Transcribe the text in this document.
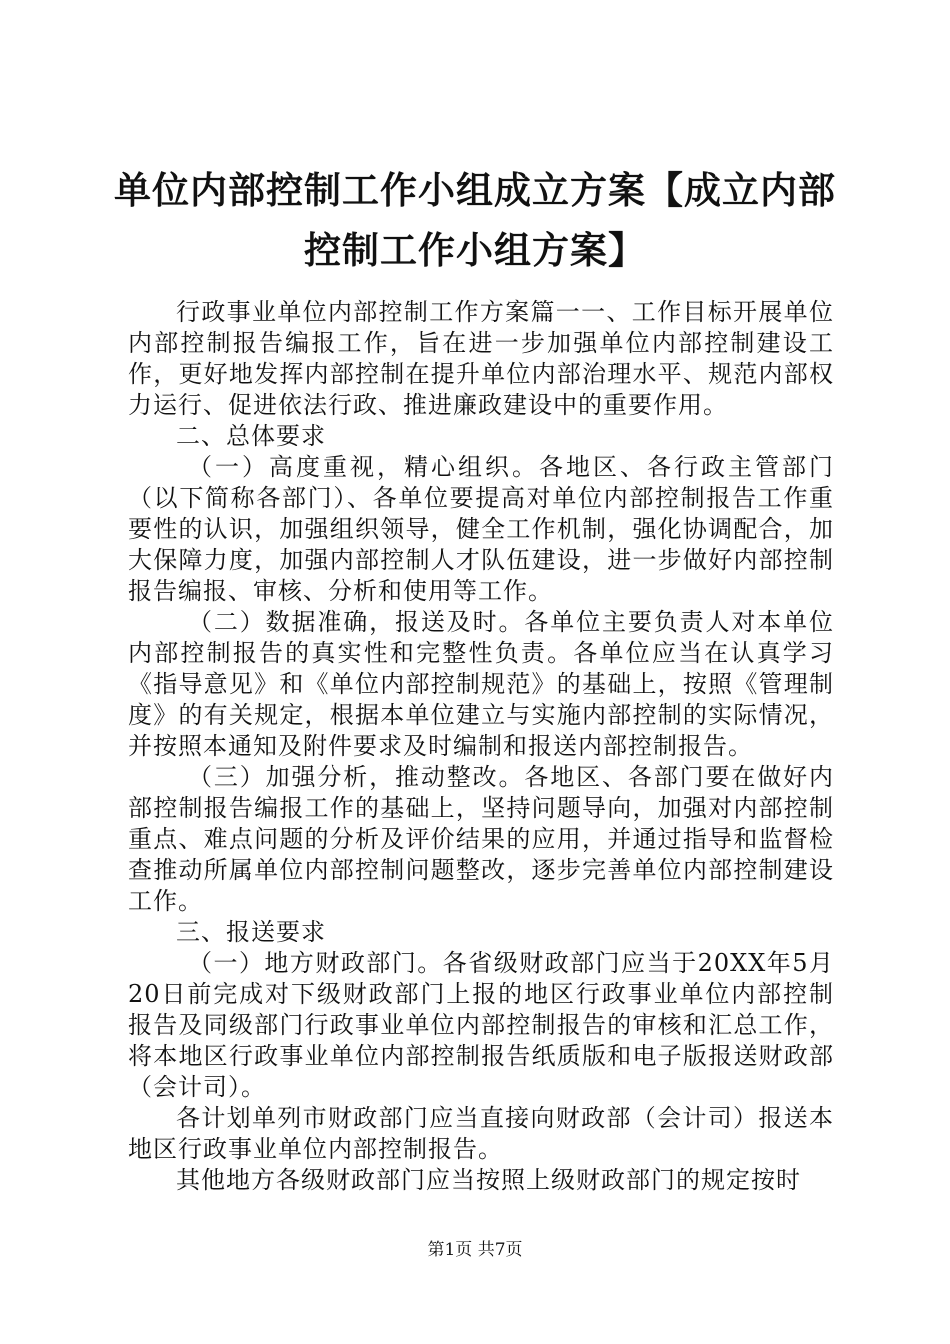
单位内部控制工作小组成立方案【成立内部控制工作小组方案】

行政事业单位内部控制工作方案篇一一、工作目标开展单位内部控制报告编报工作，旨在进一步加强单位内部控制建设工作，更好地发挥内部控制在提升单位内部治理水平、规范内部权力运行、促进依法行政、推进廉政建设中的重要作用。

二、总体要求

（一）高度重视，精心组织。各地区、各行政主管部门（以下简称各部门）、各单位要提高对单位内部控制报告工作重要性的认识，加强组织领导，健全工作机制，强化协调配合，加大保障力度，加强内部控制人才队伍建设，进一步做好内部控制报告编报、审核、分析和使用等工作。

（二）数据准确，报送及时。各单位主要负责人对本单位内部控制报告的真实性和完整性负责。各单位应当在认真学习《指导意见》和《单位内部控制规范》的基础上，按照《管理制度》的有关规定，根据本单位建立与实施内部控制的实际情况，并按照本通知及附件要求及时编制和报送内部控制报告。

（三）加强分析，推动整改。各地区、各部门要在做好内部控制报告编报工作的基础上，坚持问题导向，加强对内部控制重点、难点问题的分析及评价结果的应用，并通过指导和监督检查推动所属单位内部控制问题整改，逐步完善单位内部控制建设工作。

三、报送要求

（一）地方财政部门。各省级财政部门应当于20XX年5月20日前完成对下级财政部门上报的地区行政事业单位内部控制报告及同级部门行政事业单位内部控制报告的审核和汇总工作，将本地区行政事业单位内部控制报告纸质版和电子版报送财政部（会计司）。

各计划单列市财政部门应当直接向财政部（会计司）报送本地区行政事业单位内部控制报告。

其他地方各级财政部门应当按照上级财政部门的规定按时

第1页 共7页
